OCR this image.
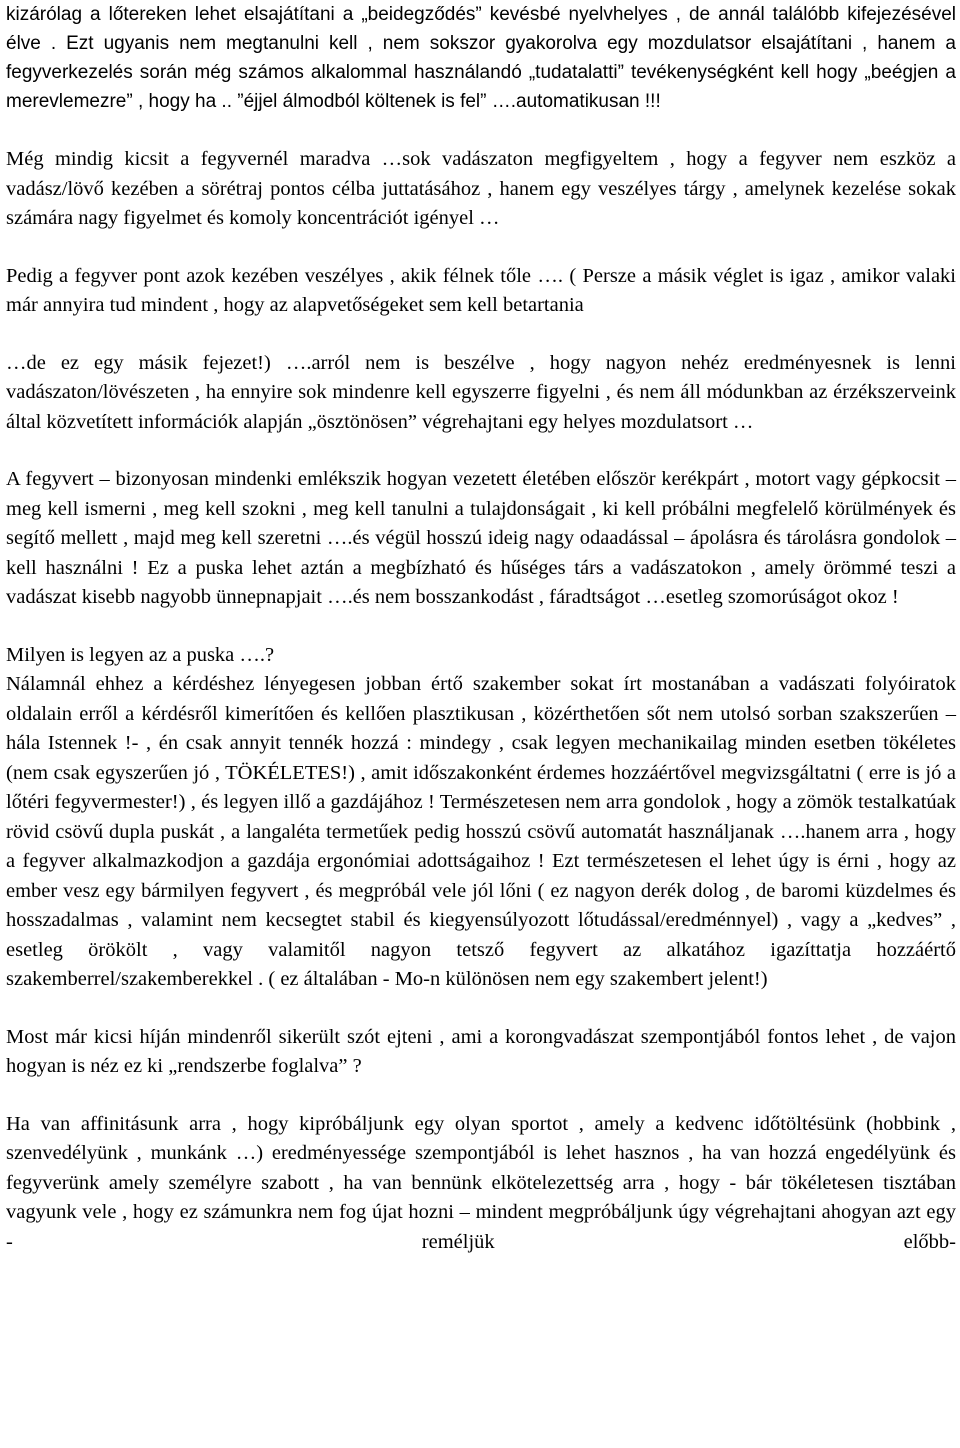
kizárólag a lőtereken lehet elsajátítani a „beidegződés” kevésbé nyelvhelyes , de annál találóbb kifejezésével élve . Ezt ugyanis nem megtanulni kell , nem sokszor gyakorolva egy mozdulatsor elsajátítani , hanem a fegyverkezelés során még számos alkalommal használandó „tudatalatti” tevékenységként kell hogy „beégjen a merevlemezre” , hogy ha .. ”éjjel álmodból költenek is fel” ….automatikusan !!!

Még mindig kicsit a fegyvernél maradva …sok vadászaton megfigyeltem , hogy a fegyver nem eszköz a vadász/lövő kezében a sörétraj pontos célba juttatásához , hanem egy veszélyes tárgy , amelynek kezelése sokak számára nagy figyelmet és komoly koncentrációt igényel …

Pedig a fegyver pont azok kezében veszélyes , akik félnek tőle …. ( Persze a másik véglet is igaz , amikor valaki már annyira tud mindent , hogy az alapvetőségeket sem kell betartania

…de ez egy másik fejezet!) ….arról nem is beszélve , hogy nagyon nehéz eredményesnek is lenni vadászaton/lövészeten , ha ennyire sok mindenre kell egyszerre figyelni , és nem áll módunkban az érzékszerveink által közvetített információk alapján „ösztönösen” végrehajtani egy helyes mozdulatsort …

A fegyvert – bizonyosan mindenki emlékszik hogyan vezetett életében először kerékpárt , motort vagy gépkocsit – meg kell ismerni , meg kell szokni , meg kell tanulni a tulajdonságait , ki kell próbálni megfelelő körülmények és segítő mellett , majd meg kell szeretni ….és végül hosszú ideig nagy odaadással – ápolásra és tárolásra gondolok – kell használni ! Ez a puska lehet aztán a megbízható és hűséges társ a vadászatokon , amely örömmé teszi a vadászat kisebb nagyobb ünnepnapjait ….és nem bosszankodást , fáradtságot …esetleg szomorúságot okoz !

Milyen is legyen az a puska ….?

Nálamnál ehhez a kérdéshez lényegesen jobban értő szakember sokat írt mostanában a vadászati folyóiratok oldalain erről a kérdésről kimerítően és kellően plasztikusan , közérthetően sőt nem utolsó sorban szakszerűen – hála Istennek !- , én csak annyit tennék hozzá : mindegy , csak legyen mechanikailag minden esetben tökéletes (nem csak egyszerűen jó , TÖKÉLETES!) , amit időszakonként érdemes hozzáértővel megvizsgáltatni ( erre is jó a lőtéri fegyvermester!) , és legyen illő a gazdájához ! Természetesen nem arra gondolok , hogy a zömök testalkatúak rövid csövű dupla puskát , a langaléta termetűek pedig hosszú csövű automatát használjanak ….hanem arra , hogy a fegyver alkalmazkodjon a gazdája ergonómiai adottságaihoz ! Ezt természetesen el lehet úgy is érni , hogy az ember vesz egy bármilyen fegyvert , és megpróbál vele jól lőni ( ez nagyon derék dolog , de baromi küzdelmes és hosszadalmas , valamint nem kecsegtet stabil és kiegyensúlyozott lőtudással/eredménnyel) , vagy a „kedves” , esetleg örökölt , vagy valamitől nagyon tetsző fegyvert az alkatához igazíttatja hozzáértő szakemberrel/szakemberekkel . ( ez általában - Mo-n különösen nem egy szakembert jelent!)

Most már kicsi híján mindenről sikerült szót ejteni , ami a korongvadászat szempontjából fontos lehet , de vajon hogyan is néz ez ki „rendszerbe foglalva” ?

Ha van affinitásunk arra , hogy kipróbáljunk egy olyan sportot , amely a kedvenc időtöltésünk (hobbink , szenvedélyünk , munkánk …) eredményessége szempontjából is lehet hasznos , ha van hozzá engedélyünk és fegyverünk amely személyre szabott , ha van bennünk elkötelezettség arra , hogy - bár tökéletesen tisztában vagyunk vele , hogy ez számunkra nem fog újat hozni – mindent megpróbáljunk úgy végrehajtani ahogyan azt egy - reméljük előbb-
